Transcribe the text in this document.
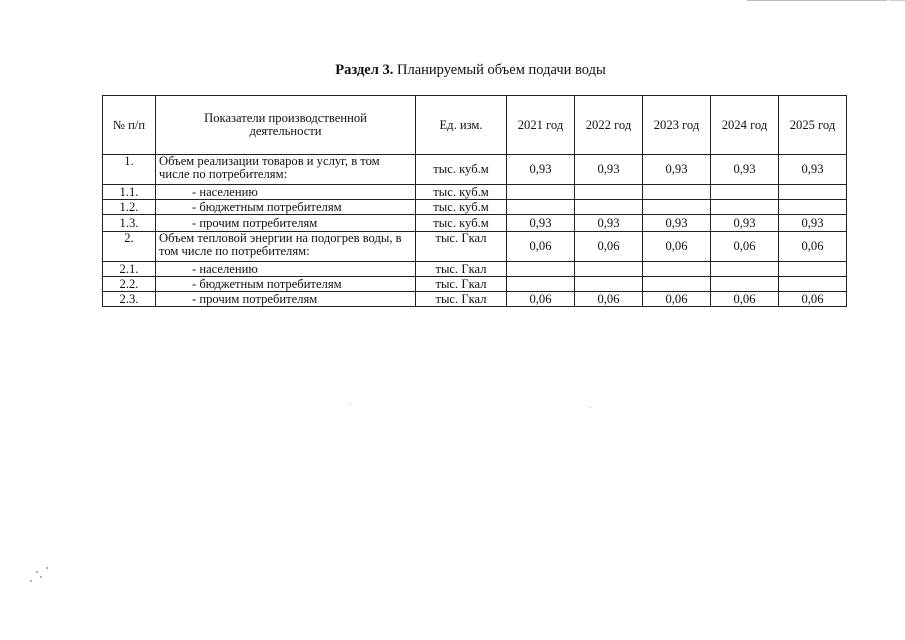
Раздел 3. Планируемый объем подачи воды
№ п/п	Показатели производственной деятельности	Ед. изм.	2021 год	2022 год	2023 год	2024 год	2025 год
1.	Объем реализации товаров и услуг, в том числе по потребителям:	тыс. куб.м	0,93	0,93	0,93	0,93	0,93
1.1.	- населению	тыс. куб.м					
1.2.	- бюджетным потребителям	тыс. куб.м					
1.3.	- прочим потребителям	тыс. куб.м	0,93	0,93	0,93	0,93	0,93
2.	Объем тепловой энергии на подогрев воды, в том числе по потребителям:	тыс. Гкал	0,06	0,06	0,06	0,06	0,06
2.1.	- населению	тыс. Гкал					
2.2.	- бюджетным потребителям	тыс. Гкал					
2.3.	- прочим потребителям	тыс. Гкал	0,06	0,06	0,06	0,06	0,06
